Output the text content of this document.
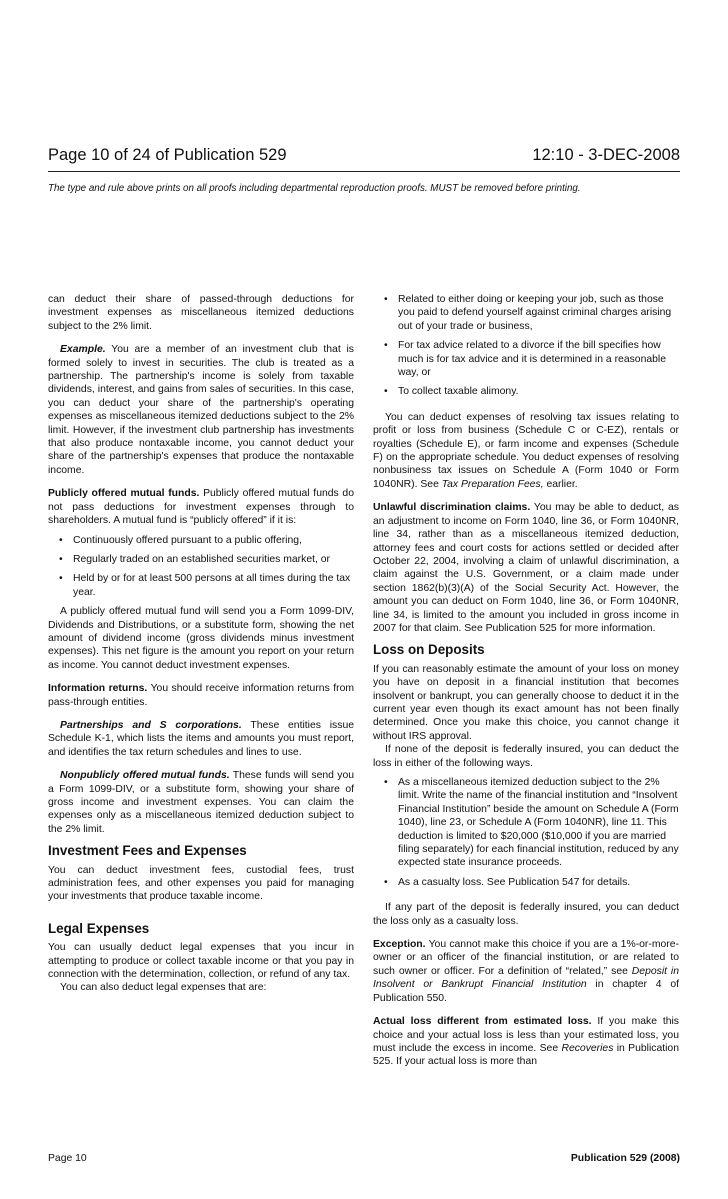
Page 10 of 24 of Publication 529	12:10 - 3-DEC-2008
The type and rule above prints on all proofs including departmental reproduction proofs. MUST be removed before printing.

can deduct their share of passed-through deductions for investment expenses as miscellaneous itemized deductions subject to the 2% limit.

Example. You are a member of an investment club that is formed solely to invest in securities. The club is treated as a partnership. The partnership's income is solely from taxable dividends, interest, and gains from sales of securities. In this case, you can deduct your share of the partnership's operating expenses as miscellaneous itemized deductions subject to the 2% limit. However, if the investment club partnership has investments that also produce nontaxable income, you cannot deduct your share of the partnership's expenses that produce the nontaxable income.

Publicly offered mutual funds. Publicly offered mutual funds do not pass deductions for investment expenses through to shareholders. A mutual fund is “publicly offered” if it is:

• Continuously offered pursuant to a public offering,
• Regularly traded on an established securities market, or
• Held by or for at least 500 persons at all times during the tax year.

A publicly offered mutual fund will send you a Form 1099-DIV, Dividends and Distributions, or a substitute form, showing the net amount of dividend income (gross dividends minus investment expenses). This net figure is the amount you report on your return as income. You cannot deduct investment expenses.

Information returns. You should receive information returns from pass-through entities.

Partnerships and S corporations. These entities issue Schedule K-1, which lists the items and amounts you must report, and identifies the tax return schedules and lines to use.

Nonpublicly offered mutual funds. These funds will send you a Form 1099-DIV, or a substitute form, showing your share of gross income and investment expenses. You can claim the expenses only as a miscellaneous itemized deduction subject to the 2% limit.

Investment Fees and Expenses

You can deduct investment fees, custodial fees, trust administration fees, and other expenses you paid for managing your investments that produce taxable income.

Legal Expenses

You can usually deduct legal expenses that you incur in attempting to produce or collect taxable income or that you pay in connection with the determination, collection, or refund of any tax.

You can also deduct legal expenses that are:

• Related to either doing or keeping your job, such as those you paid to defend yourself against criminal charges arising out of your trade or business,
• For tax advice related to a divorce if the bill specifies how much is for tax advice and it is determined in a reasonable way, or
• To collect taxable alimony.

You can deduct expenses of resolving tax issues relating to profit or loss from business (Schedule C or C-EZ), rentals or royalties (Schedule E), or farm income and expenses (Schedule F) on the appropriate schedule. You deduct expenses of resolving nonbusiness tax issues on Schedule A (Form 1040 or Form 1040NR). See Tax Preparation Fees, earlier.

Unlawful discrimination claims. You may be able to deduct, as an adjustment to income on Form 1040, line 36, or Form 1040NR, line 34, rather than as a miscellaneous itemized deduction, attorney fees and court costs for actions settled or decided after October 22, 2004, involving a claim of unlawful discrimination, a claim against the U.S. Government, or a claim made under section 1862(b)(3)(A) of the Social Security Act. However, the amount you can deduct on Form 1040, line 36, or Form 1040NR, line 34, is limited to the amount you included in gross income in 2007 for that claim. See Publication 525 for more information.

Loss on Deposits

If you can reasonably estimate the amount of your loss on money you have on deposit in a financial institution that becomes insolvent or bankrupt, you can generally choose to deduct it in the current year even though its exact amount has not been finally determined. Once you make this choice, you cannot change it without IRS approval.

If none of the deposit is federally insured, you can deduct the loss in either of the following ways.

• As a miscellaneous itemized deduction subject to the 2% limit. Write the name of the financial institution and “Insolvent Financial Institution” beside the amount on Schedule A (Form 1040), line 23, or Schedule A (Form 1040NR), line 11. This deduction is limited to $20,000 ($10,000 if you are married filing separately) for each financial institution, reduced by any expected state insurance proceeds.
• As a casualty loss. See Publication 547 for details.

If any part of the deposit is federally insured, you can deduct the loss only as a casualty loss.

Exception. You cannot make this choice if you are a 1%-or-more-owner or an officer of the financial institution, or are related to such owner or officer. For a definition of “related,” see Deposit in Insolvent or Bankrupt Financial Institution in chapter 4 of Publication 550.

Actual loss different from estimated loss. If you make this choice and your actual loss is less than your estimated loss, you must include the excess in income. See Recoveries in Publication 525. If your actual loss is more than

Page 10	Publication 529 (2008)
